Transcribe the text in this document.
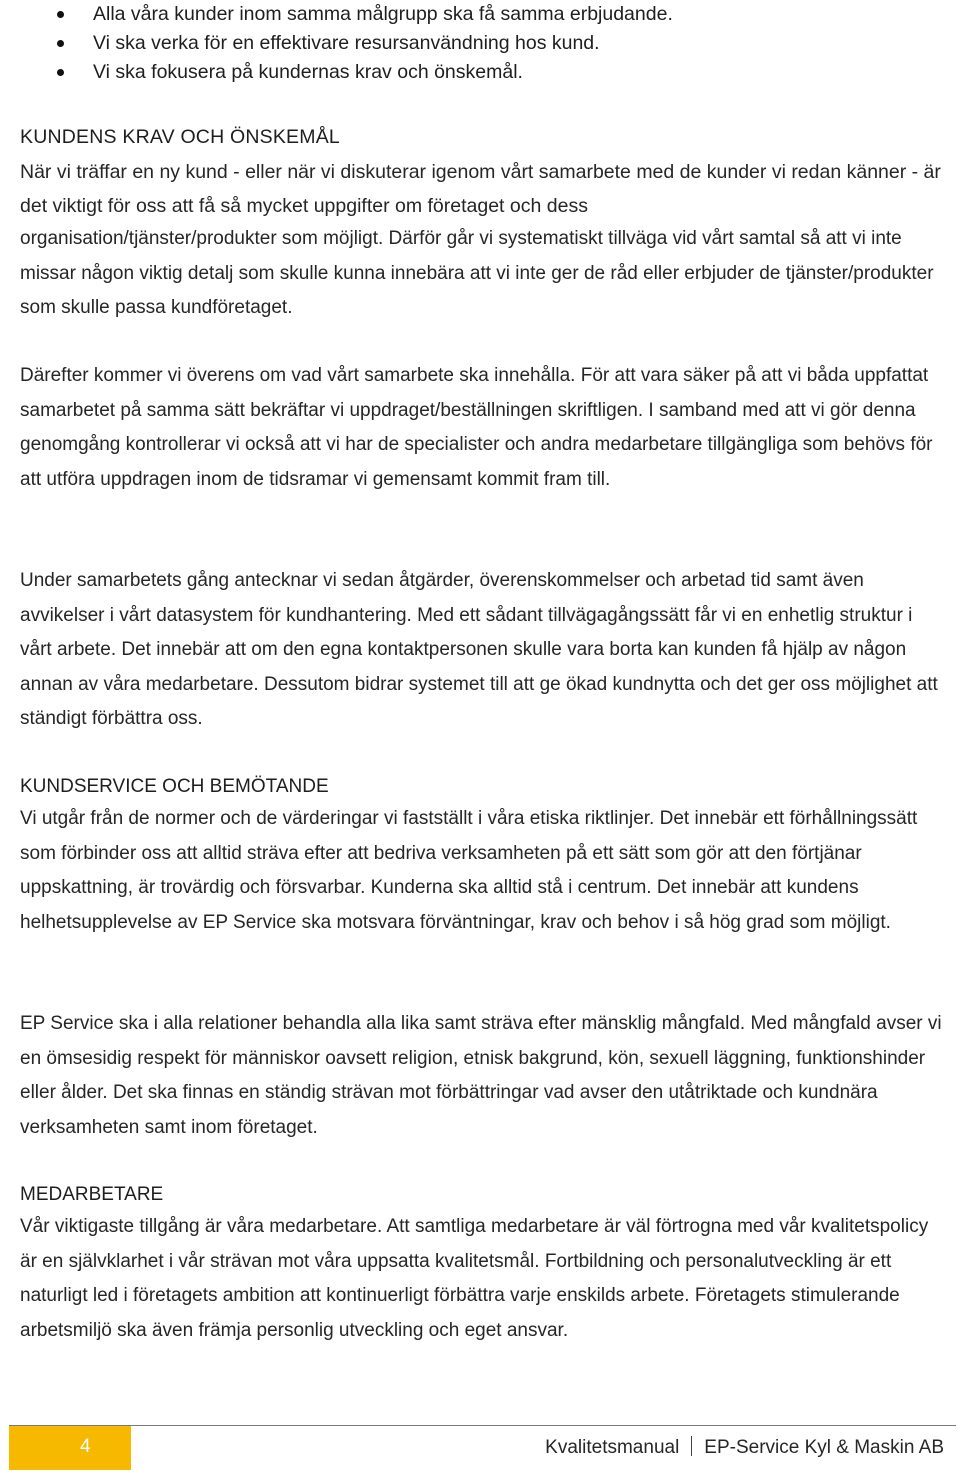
Alla våra kunder inom samma målgrupp ska få samma erbjudande.
Vi ska verka för en effektivare resursanvändning hos kund.
Vi ska fokusera på kundernas krav och önskemål.
KUNDENS KRAV OCH ÖNSKEMÅL

När vi träffar en ny kund - eller när vi diskuterar igenom vårt samarbete med de kunder vi redan känner - är det viktigt för oss att få så mycket uppgifter om företaget och dess

organisation/tjänster/produkter som möjligt. Därför går vi systematiskt tillväga vid vårt samtal så att vi inte missar någon viktig detalj som skulle kunna innebära att vi inte ger de råd eller erbjuder de tjänster/produkter som skulle passa kundföretaget.

Därefter kommer vi överens om vad vårt samarbete ska innehålla. För att vara säker på att vi båda uppfattat samarbetet på samma sätt bekräftar vi uppdraget/beställningen skriftligen. I samband med att vi gör denna genomgång kontrollerar vi också att vi har de specialister och andra medarbetare tillgängliga som behövs för att utföra uppdragen inom de tidsramar vi gemensamt kommit fram till.

Under samarbetets gång antecknar vi sedan åtgärder, överenskommelser och arbetad tid samt även avvikelser i vårt datasystem för kundhantering. Med ett sådant tillvägagångssätt får vi en enhetlig struktur i vårt arbete. Det innebär att om den egna kontaktpersonen skulle vara borta kan kunden få hjälp av någon annan av våra medarbetare. Dessutom bidrar systemet till att ge ökad kundnytta och det ger oss möjlighet att ständigt förbättra oss.

KUNDSERVICE OCH BEMÖTANDE

Vi utgår från de normer och de värderingar vi fastställt i våra etiska riktlinjer. Det innebär ett förhållningssätt som förbinder oss att alltid sträva efter att bedriva verksamheten på ett sätt som gör att den förtjänar uppskattning, är trovärdig och försvarbar. Kunderna ska alltid stå i centrum. Det innebär att kundens helhetsupplevelse av EP Service ska motsvara förväntningar, krav och behov i så hög grad som möjligt.

EP Service ska i alla relationer behandla alla lika samt sträva efter mänsklig mångfald. Med mångfald avser vi en ömsesidig respekt för människor oavsett religion, etnisk bakgrund, kön, sexuell läggning, funktionshinder eller ålder. Det ska finnas en ständig strävan mot förbättringar vad avser den utåtriktade och kundnära verksamheten samt inom företaget.

MEDARBETARE

Vår viktigaste tillgång är våra medarbetare. Att samtliga medarbetare är väl förtrogna med vår kvalitetspolicy är en självklarhet i vår strävan mot våra uppsatta kvalitetsmål. Fortbildning och personalutveckling är ett naturligt led i företagets ambition att kontinuerligt förbättra varje enskilds arbete. Företagets stimulerande arbetsmiljö ska även främja personlig utveckling och eget ansvar.

4	Kvalitetsmanual EP-Service Kyl & Maskin AB
